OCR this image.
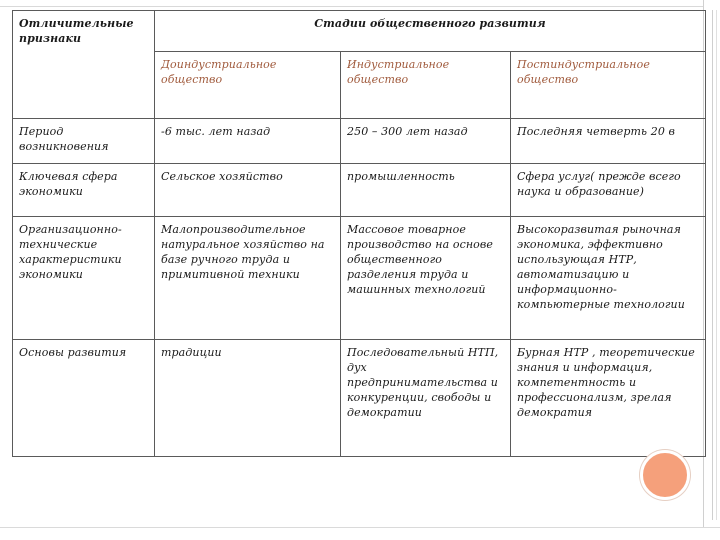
Отличительные признаки	Стадии общественного развития		
	Доиндустриальное общество	Индустриальное общество	Постиндустриальное общество
Период возникновения	-6 тыс. лет назад	250 – 300 лет назад	Последняя четверть 20 в
Ключевая сфера экономики	Сельское хозяйство	промышленность	Сфера услуг( прежде всего наука и образование)
Организационно-технические характеристики экономики	Малопроизводительное натуральное хозяйство на базе ручного труда и примитивной техники	Массовое товарное производство на основе общественного разделения труда и машинных технологий	Высокоразвитая рыночная экономика, эффективно использующая НТР, автоматизацию и информационно-компьютерные технологии
Основы развития	традиции	Последовательный НТП, дух предпринимательства и конкуренции, свободы и демократии	Бурная НТР , теоретические знания и информация, компетентность и профессионализм, зрелая демократия
